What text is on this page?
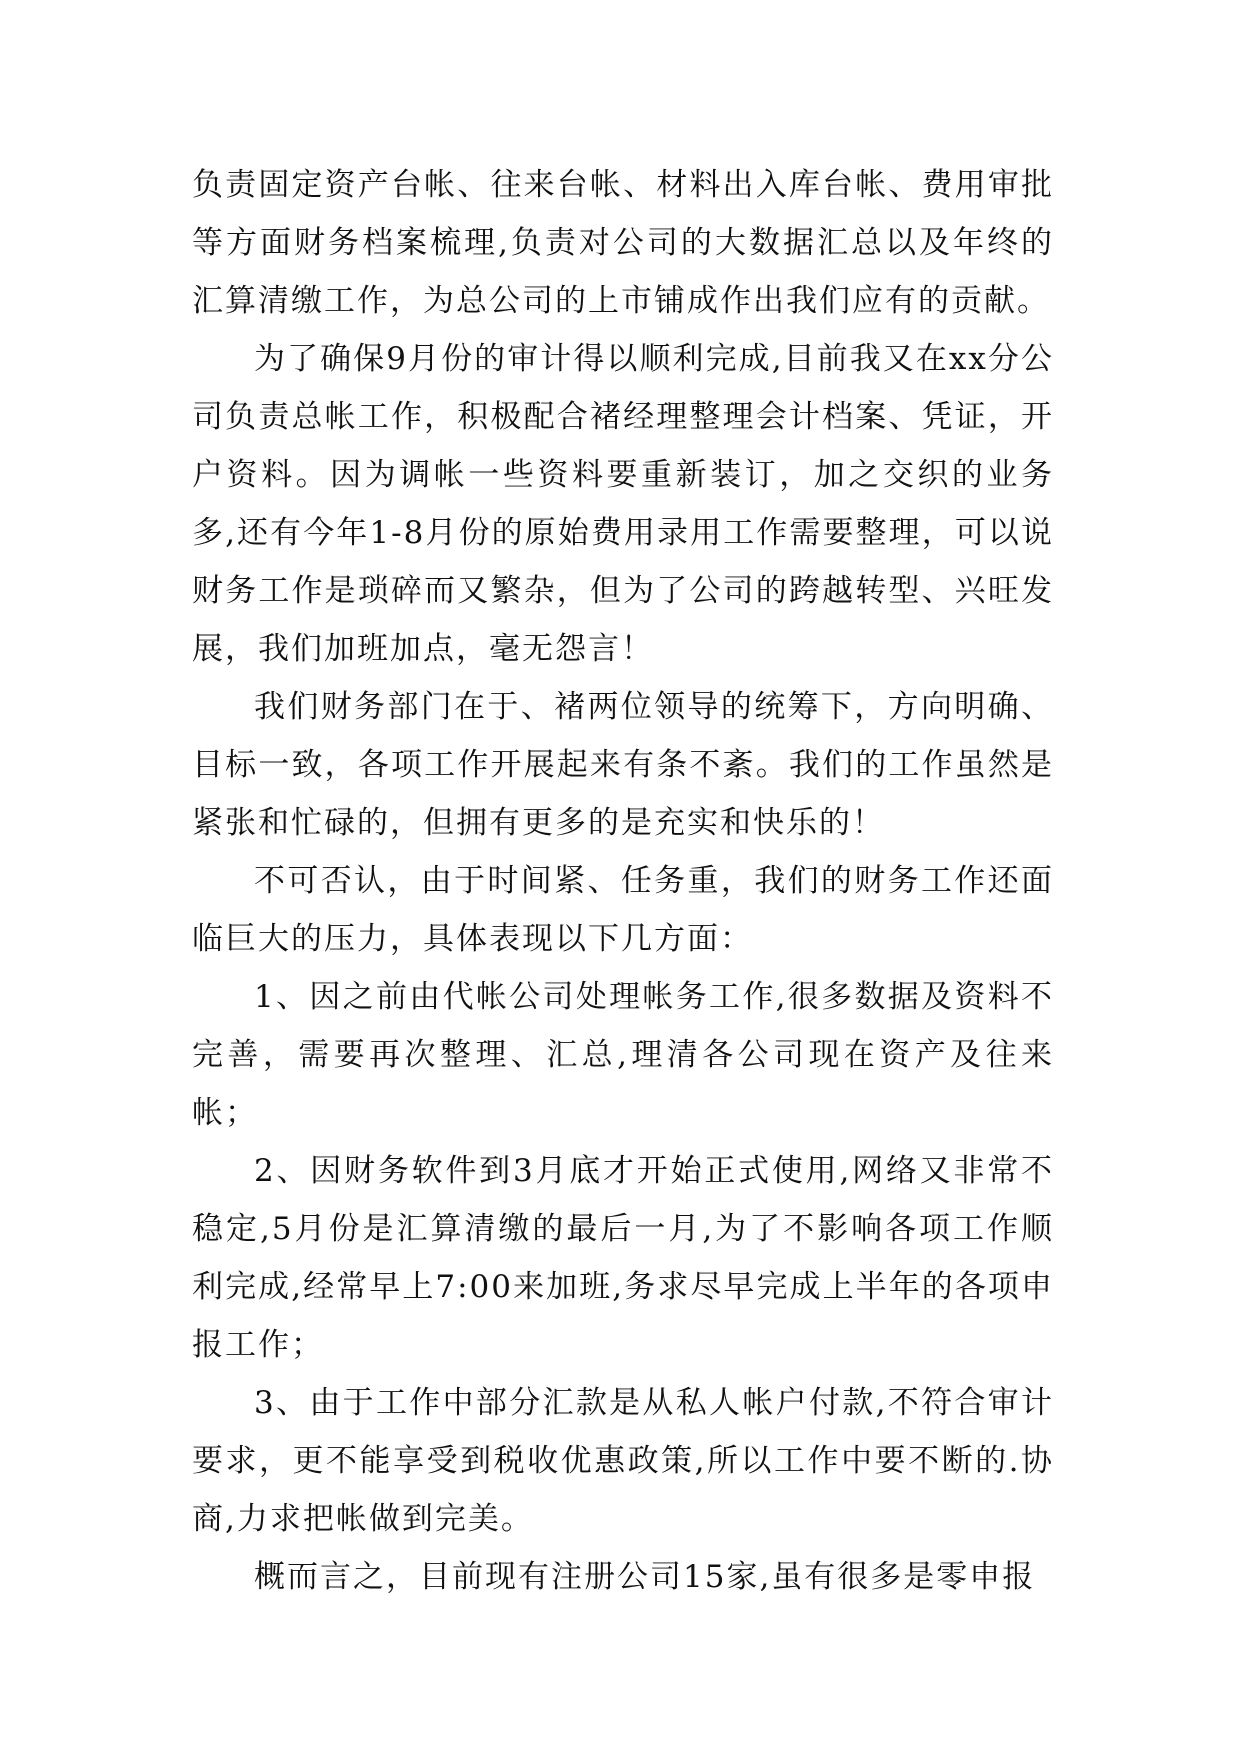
负责固定资产台帐、往来台帐、材料出入库台帐、费用审批等方面财务档案梳理,负责对公司的大数据汇总以及年终的汇算清缴工作，为总公司的上市铺成作出我们应有的贡献。

为了确保9月份的审计得以顺利完成,目前我又在xx分公司负责总帐工作，积极配合褚经理整理会计档案、凭证，开户资料。因为调帐一些资料要重新装订，加之交织的业务多,还有今年1-8月份的原始费用录用工作需要整理，可以说财务工作是琐碎而又繁杂，但为了公司的跨越转型、兴旺发展，我们加班加点，毫无怨言！

我们财务部门在于、褚两位领导的统筹下，方向明确、目标一致，各项工作开展起来有条不紊。我们的工作虽然是紧张和忙碌的，但拥有更多的是充实和快乐的！

不可否认，由于时间紧、任务重，我们的财务工作还面临巨大的压力，具体表现以下几方面：

1、因之前由代帐公司处理帐务工作,很多数据及资料不完善，需要再次整理、汇总,理清各公司现在资产及往来帐；

2、因财务软件到3月底才开始正式使用,网络又非常不稳定,5月份是汇算清缴的最后一月,为了不影响各项工作顺利完成,经常早上7:00来加班,务求尽早完成上半年的各项申报工作；

3、由于工作中部分汇款是从私人帐户付款,不符合审计要求，更不能享受到税收优惠政策,所以工作中要不断的.协商,力求把帐做到完美。

概而言之，目前现有注册公司15家,虽有很多是零申报
